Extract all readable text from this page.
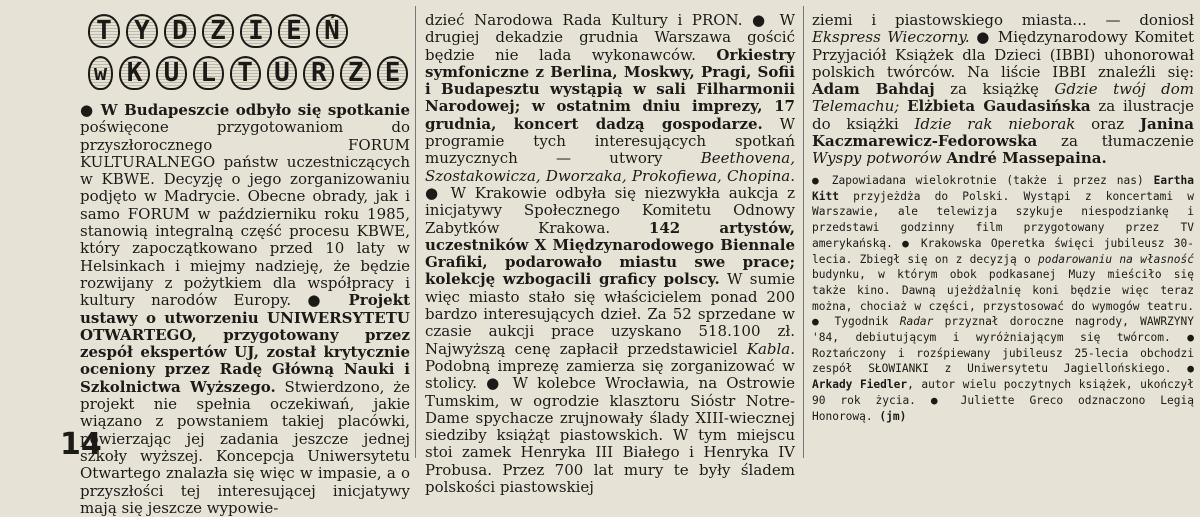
T Y D Z I E Ń
w K U L T U R Z E

● W Budapeszcie odbyło się spotkanie poświęcone przygotowaniom do przyszłorocznego FORUM KULTURALNEGO państw uczestniczących w KBWE. Decyzję o jego zorganizowaniu podjęto w Madrycie. Obecne obrady, jak i samo FORUM w październiku roku 1985, stanowią integralną część procesu KBWE, który zapoczątkowano przed 10 laty w Helsinkach i miejmy nadzieję, że będzie rozwijany z pożytkiem dla współpracy i kultury narodów Europy. ● Projekt ustawy o utworzeniu UNIWERSYTETU OTWARTEGO, przygotowany przez zespół ekspertów UJ, został krytycznie oceniony przez Radę Główną Nauki i Szkolnictwa Wyższego. Stwierdzono, że projekt nie spełnia oczekiwań, jakie wiązano z powstaniem takiej placówki, powierzając jej zadania jeszcze jednej szkoły wyższej. Koncepcja Uniwersytetu Otwartego znalazła się więc w impasie, a o przyszłości tej interesującej inicjatywy mają się jeszcze wypowie-

dzieć Narodowa Rada Kultury i PRON. ● W drugiej dekadzie grudnia Warszawa gościć będzie nie lada wykonawców. Orkiestry symfoniczne z Berlina, Moskwy, Pragi, Sofii i Budapesztu wystąpią w sali Filharmonii Narodowej; w ostatnim dniu imprezy, 17 grudnia, koncert dadzą gospodarze. W programie tych interesujących spotkań muzycznych — utwory Beethovena, Szostakowicza, Dworzaka, Prokofiewa, Chopina. ● W Krakowie odbyła się niezwykła aukcja z inicjatywy Społecznego Komitetu Odnowy Zabytków Krakowa. 142 artystów, uczestników X Międzynarodowego Biennale Grafiki, podarowało miastu swe prace; kolekcję wzbogacili graficy polscy. W sumie więc miasto stało się właścicielem ponad 200 bardzo interesujących dzieł. Za 52 sprzedane w czasie aukcji prace uzyskano 518.100 zł. Najwyższą cenę zapłacił przedstawiciel Kabla. Podobną imprezę zamierza się zorganizować w stolicy. ● W kolebce Wrocławia, na Ostrowie Tumskim, w ogrodzie klasztoru Sióstr Notre-Dame spychacze zrujnowały ślady XIII-wiecznej siedziby książąt piastowskich. W tym miejscu stoi zamek Henryka III Białego i Henryka IV Probusa. Przez 700 lat mury te były śladem polskości piastowskiej

ziemi i piastowskiego miasta... — doniosł Ekspress Wieczorny. ● Międzynarodowy Komitet Przyjaciół Książek dla Dzieci (IBBI) uhonorował polskich twórców. Na liście IBBI znaleźli się: Adam Bahdaj za książkę Gdzie twój dom Telemachu; Elżbieta Gaudasińska za ilustracje do książki Idzie rak nieborak oraz Janina Kaczmarewicz-Fedorowska za tłumaczenie Wyspy potworów André Massepaina.

● Zapowiadana wielokrotnie (także i przez nas) Eartha Kitt przyjeżdża do Polski. Wystąpi z koncertami w Warszawie, ale telewizja szykuje niespodziankę i przedstawi godzinny film przygotowany przez TV amerykańską. ● Krakowska Operetka święci jubileusz 30-lecia. Zbiegł się on z decyzją o podarowaniu na własność budynku, w którym obok podkasanej Muzy mieściło się także kino. Dawną ujeżdżalnię koni będzie więc teraz można, chociaż w części, przystosować do wymogów teatru. ● Tygodnik Radar przyznał doroczne nagrody, WAWRZYNY '84, debiutującym i wyróżniającym się twórcom. ● Roztańczony i rozśpiewany jubileusz 25-lecia obchodzi zespół SŁOWIANKI z Uniwersytetu Jagiellońskiego. ● Arkady Fiedler, autor wielu poczytnych książek, ukończył 90 rok życia. ● Juliette Greco odznaczono Legią Honorową. (jm)

14
